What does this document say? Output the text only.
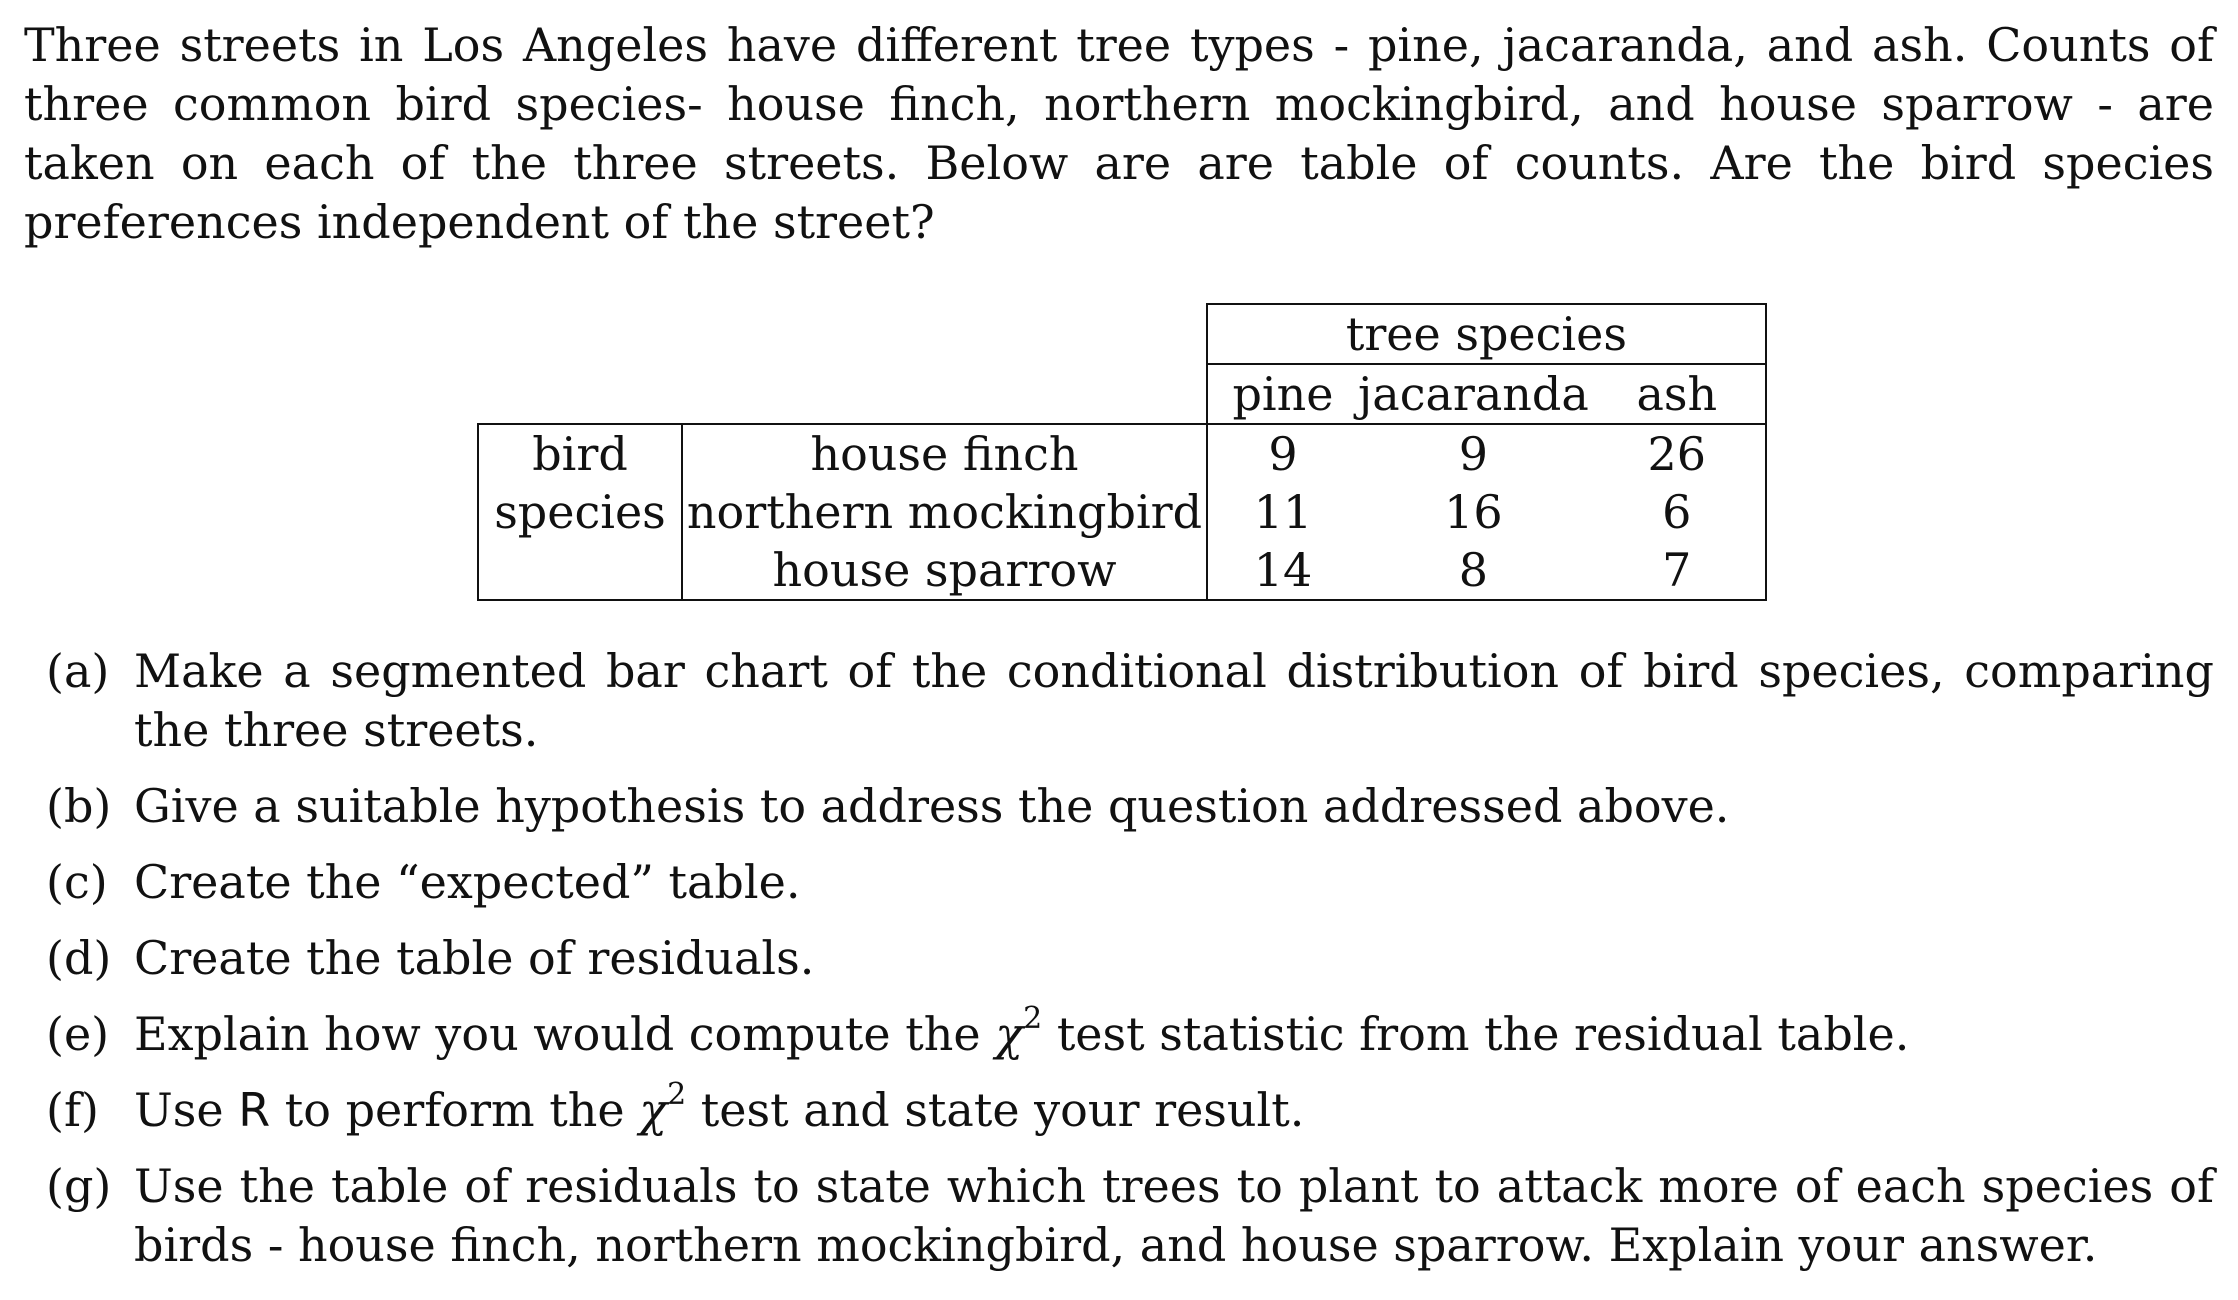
Three streets in Los Angeles have different tree types - pine, jacaranda, and ash. Counts of three common bird species- house finch, northern mockingbird, and house sparrow - are taken on each of the three streets. Below are are table of counts. Are the bird species preferences independent of the street?

		tree species		
		pine	jacaranda	ash
bird	house finch	9	9	26
species	northern mockingbird	11	16	6
	house sparrow	14	8	7
(a) Make a segmented bar chart of the conditional distribution of bird species, comparing the three streets.
(b) Give a suitable hypothesis to address the question addressed above.
(c) Create the “expected” table.
(d) Create the table of residuals.
(e) Explain how you would compute the $\chi^2$ test statistic from the residual table.
(f) Use R to perform the $\chi^2$ test and state your result.
(g) Use the table of residuals to state which trees to plant to attack more of each species of birds - house finch, northern mockingbird, and house sparrow. Explain your answer.
